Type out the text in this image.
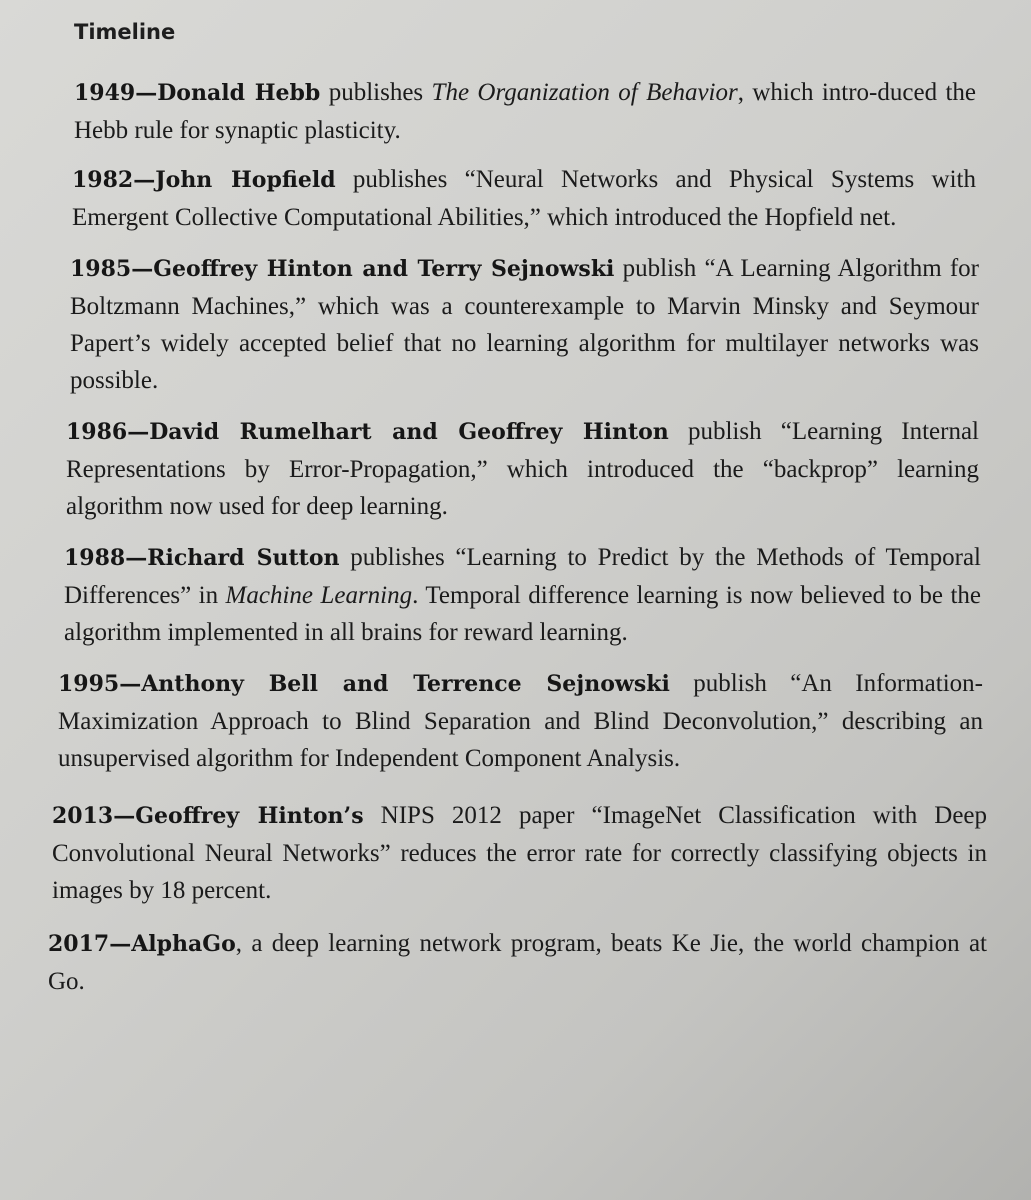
Timeline

1949—Donald Hebb publishes The Organization of Behavior, which intro-duced the Hebb rule for synaptic plasticity.

1982—John Hopfield publishes “Neural Networks and Physical Systems with Emergent Collective Computational Abilities,” which introduced the Hopfield net.

1985—Geoffrey Hinton and Terry Sejnowski publish “A Learning Algorithm for Boltzmann Machines,” which was a counterexample to Marvin Minsky and Seymour Papert’s widely accepted belief that no learning algorithm for multilayer networks was possible.

1986—David Rumelhart and Geoffrey Hinton publish “Learning Internal Representations by Error-Propagation,” which introduced the “backprop” learning algorithm now used for deep learning.

1988—Richard Sutton publishes “Learning to Predict by the Methods of Temporal Differences” in Machine Learning. Temporal difference learning is now believed to be the algorithm implemented in all brains for reward learning.

1995—Anthony Bell and Terrence Sejnowski publish “An Information-Maximization Approach to Blind Separation and Blind Deconvolution,” describing an unsupervised algorithm for Independent Component Analysis.

2013—Geoffrey Hinton’s NIPS 2012 paper “ImageNet Classification with Deep Convolutional Neural Networks” reduces the error rate for correctly classifying objects in images by 18 percent.

2017—AlphaGo, a deep learning network program, beats Ke Jie, the world champion at Go.
